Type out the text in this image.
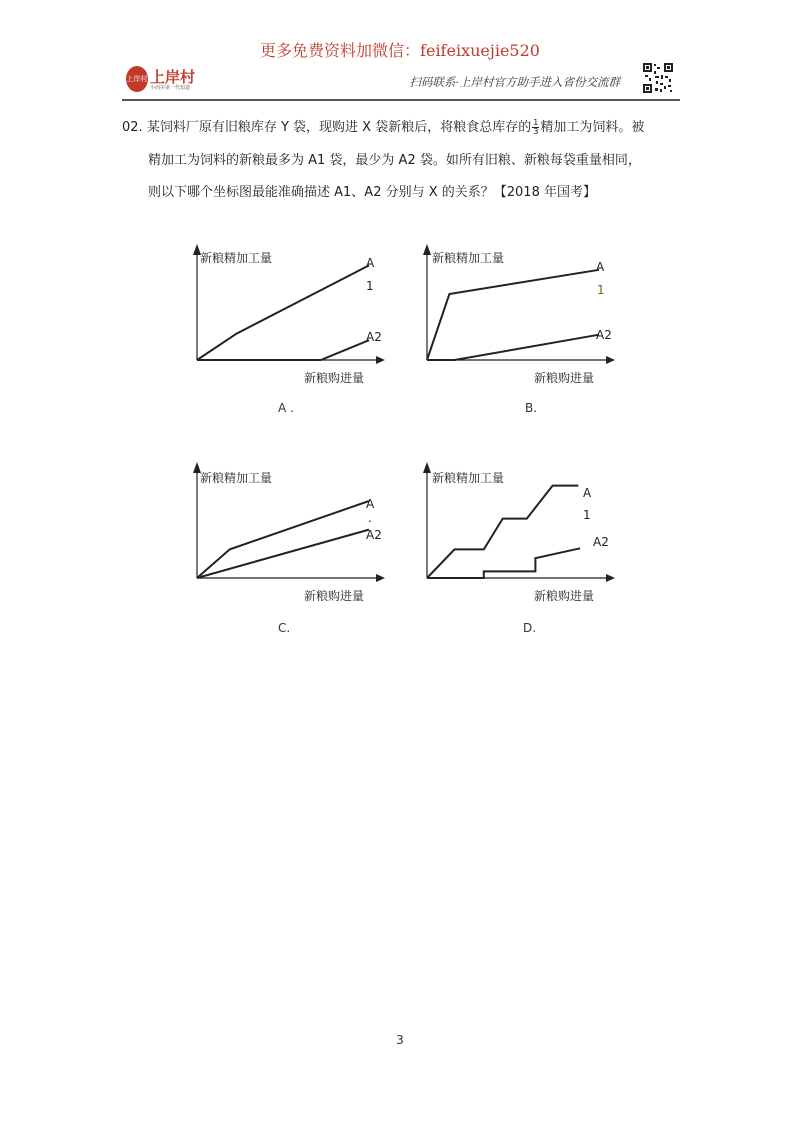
更多免费资料加微信：feifeixuejie520
上岸村 上岸村
小而美第一代知道	扫码联系·上岸村官方助手进入省份交流群
02. 某饲料厂原有旧粮库存 Y 袋，现购进 X 袋新粮后，将粮食总库存的 $\frac{1}{3}$ 精加工为饲料。被
精加工为饲料的新粮最多为 A1 袋，最少为 A2 袋。如所有旧粮、新粮每袋重量相同，
则以下哪个坐标图最能准确描述 A1、A2 分别与 X 的关系？【2018 年国考】
新粮精加工量
新粮购进量
A
1
A2
A .
新粮精加工量
新粮购进量
A
1
A2
B.
新粮精加工量
新粮购进量
A
.
A2
C.
新粮精加工量
新粮购进量
A
1
A2
D.
3
